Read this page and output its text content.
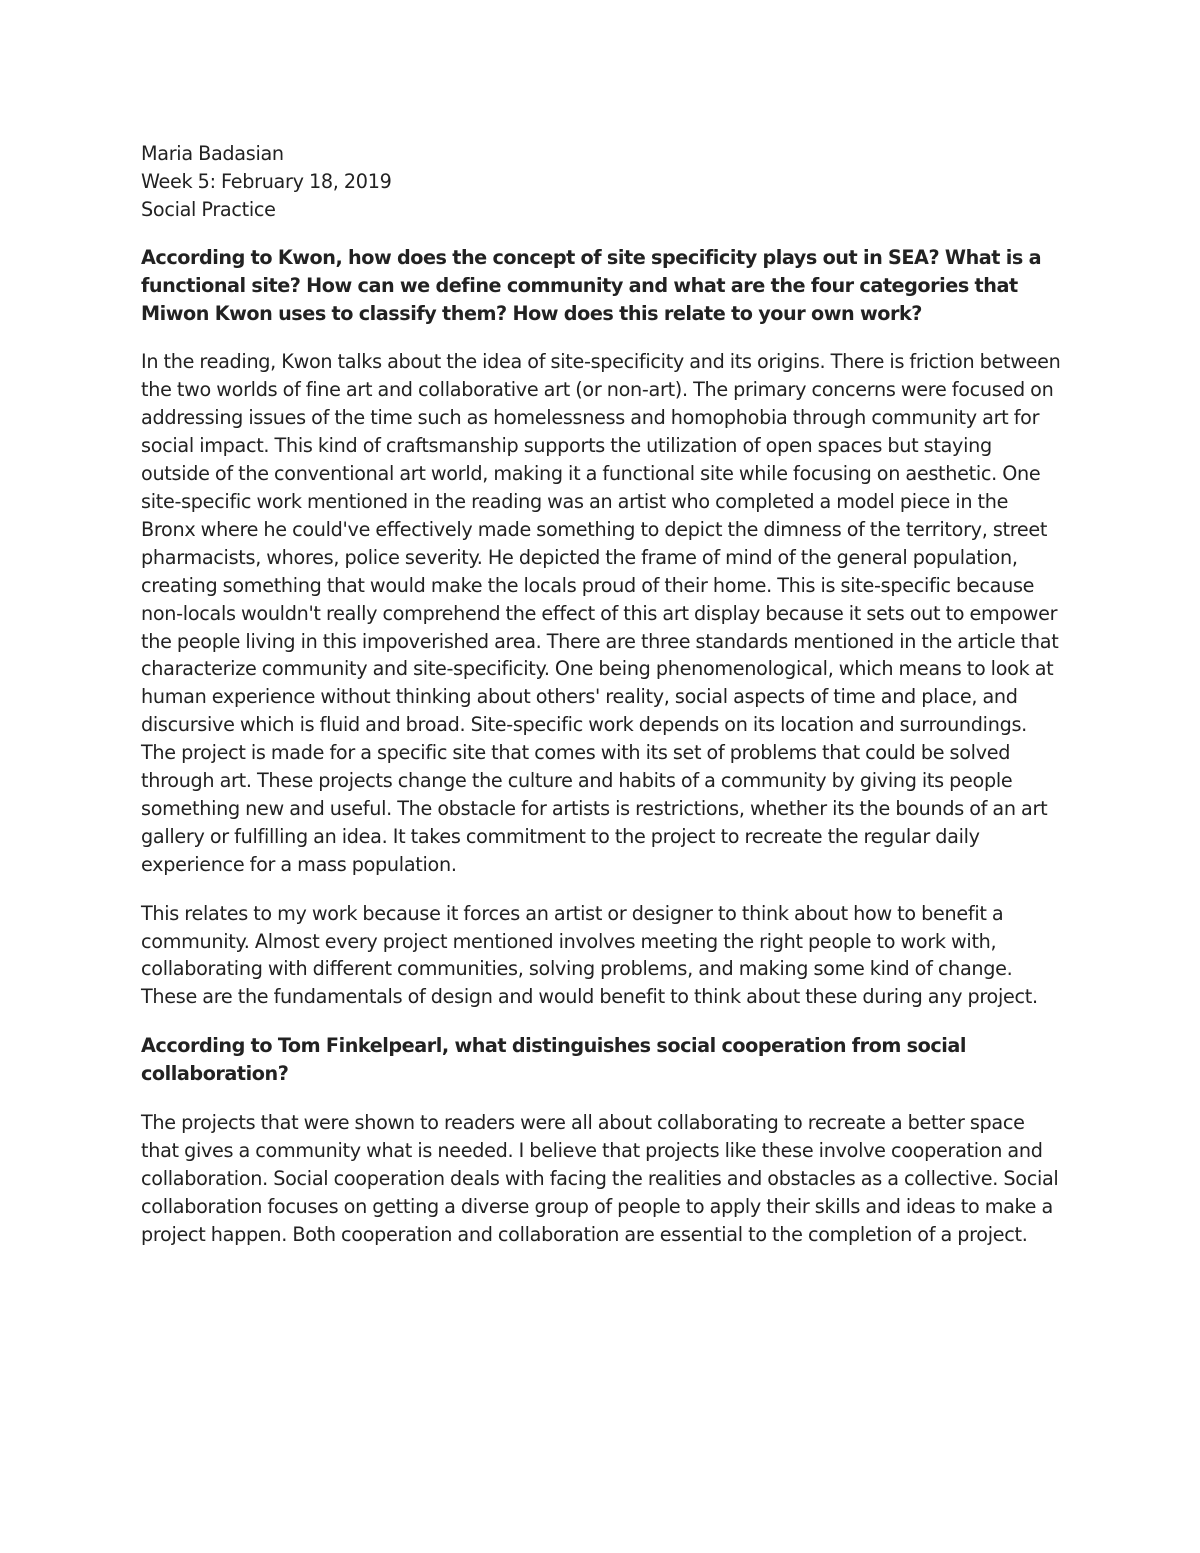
Maria Badasian
Week 5: February 18, 2019
Social Practice

According to Kwon, how does the concept of site specificity plays out in SEA? What is a functional site? How can we define community and what are the four categories that Miwon Kwon uses to classify them? How does this relate to your own work?

In the reading, Kwon talks about the idea of site-specificity and its origins. There is friction between the two worlds of fine art and collaborative art (or non-art). The primary concerns were focused on addressing issues of the time such as homelessness and homophobia through community art for social impact. This kind of craftsmanship supports the utilization of open spaces but staying outside of the conventional art world, making it a functional site while focusing on aesthetic. One site-specific work mentioned in the reading was an artist who completed a model piece in the Bronx where he could've effectively made something to depict the dimness of the territory, street pharmacists, whores, police severity. He depicted the frame of mind of the general population, creating something that would make the locals proud of their home. This is site-specific because non-locals wouldn't really comprehend the effect of this art display because it sets out to empower the people living in this impoverished area. There are three standards mentioned in the article that characterize community and site-specificity. One being phenomenological, which means to look at human experience without thinking about others' reality, social aspects of time and place, and discursive which is fluid and broad. Site-specific work depends on its location and surroundings. The project is made for a specific site that comes with its set of problems that could be solved through art. These projects change the culture and habits of a community by giving its people something new and useful. The obstacle for artists is restrictions, whether its the bounds of an art gallery or fulfilling an idea. It takes commitment to the project to recreate the regular daily experience for a mass population.

This relates to my work because it forces an artist or designer to think about how to benefit a community. Almost every project mentioned involves meeting the right people to work with, collaborating with different communities, solving problems, and making some kind of change. These are the fundamentals of design and would benefit to think about these during any project.

According to Tom Finkelpearl, what distinguishes social cooperation from social collaboration?

The projects that were shown to readers were all about collaborating to recreate a better space that gives a community what is needed. I believe that projects like these involve cooperation and collaboration. Social cooperation deals with facing the realities and obstacles as a collective. Social collaboration focuses on getting a diverse group of people to apply their skills and ideas to make a project happen. Both cooperation and collaboration are essential to the completion of a project.
